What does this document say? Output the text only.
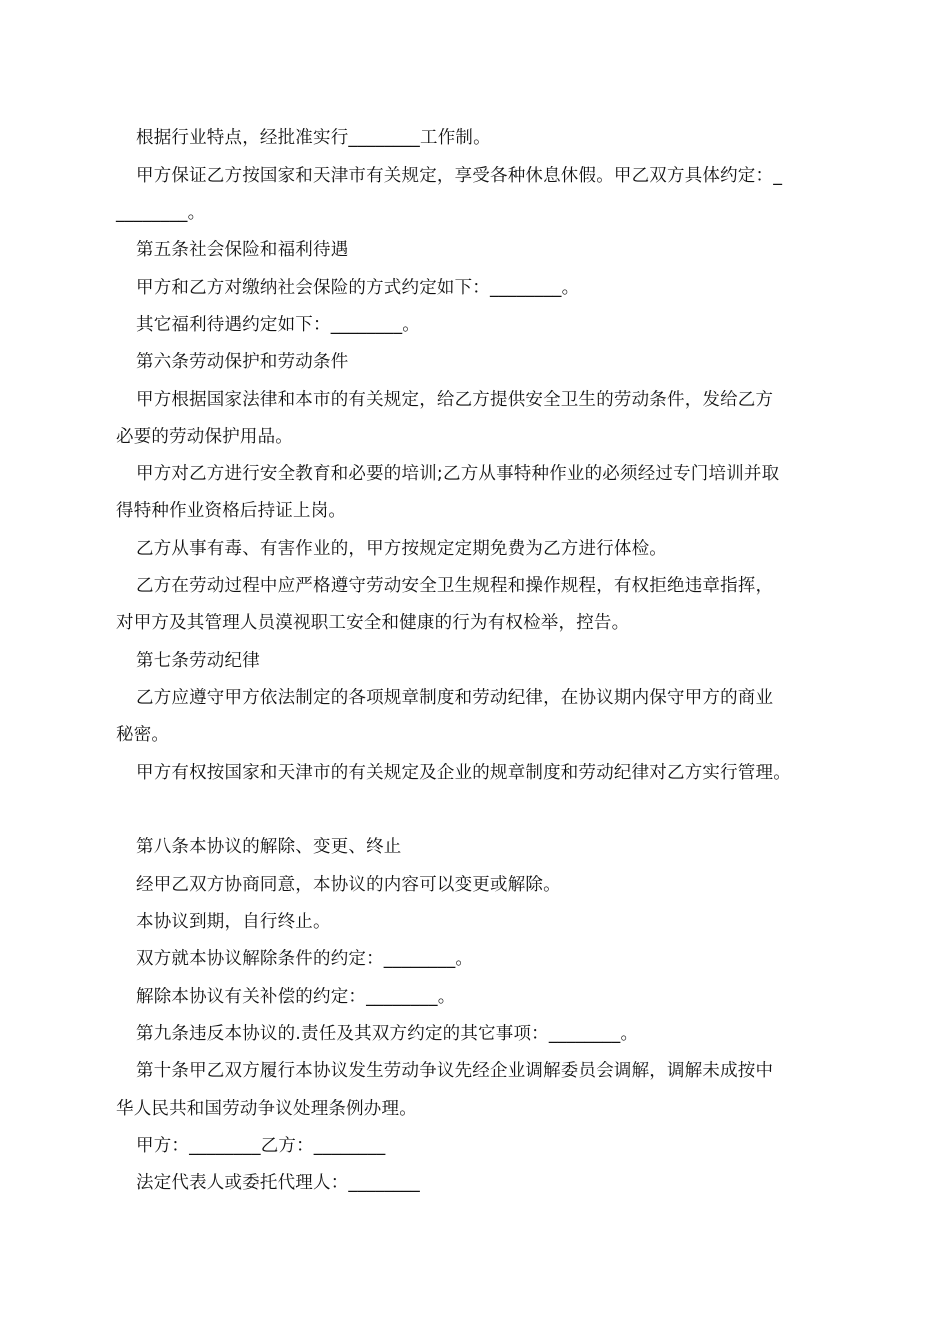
根据行业特点，经批准实行________工作制。
甲方保证乙方按国家和天津市有关规定，享受各种休息休假。甲乙双方具体约定：_
________。
第五条社会保险和福利待遇
甲方和乙方对缴纳社会保险的方式约定如下：________。
其它福利待遇约定如下：________。
第六条劳动保护和劳动条件
甲方根据国家法律和本市的有关规定，给乙方提供安全卫生的劳动条件，发给乙方
必要的劳动保护用品。
甲方对乙方进行安全教育和必要的培训;乙方从事特种作业的必须经过专门培训并取
得特种作业资格后持证上岗。
乙方从事有毒、有害作业的，甲方按规定定期免费为乙方进行体检。
乙方在劳动过程中应严格遵守劳动安全卫生规程和操作规程，有权拒绝违章指挥，
对甲方及其管理人员漠视职工安全和健康的行为有权检举，控告。
第七条劳动纪律
乙方应遵守甲方依法制定的各项规章制度和劳动纪律，在协议期内保守甲方的商业
秘密。
甲方有权按国家和天津市的有关规定及企业的规章制度和劳动纪律对乙方实行管理。
第八条本协议的解除、变更、终止
经甲乙双方协商同意，本协议的内容可以变更或解除。
本协议到期，自行终止。
双方就本协议解除条件的约定：________。
解除本协议有关补偿的约定：________。
第九条违反本协议的.责任及其双方约定的其它事项：________。
第十条甲乙双方履行本协议发生劳动争议先经企业调解委员会调解，调解未成按中
华人民共和国劳动争议处理条例办理。
甲方：________乙方：________
法定代表人或委托代理人：________
